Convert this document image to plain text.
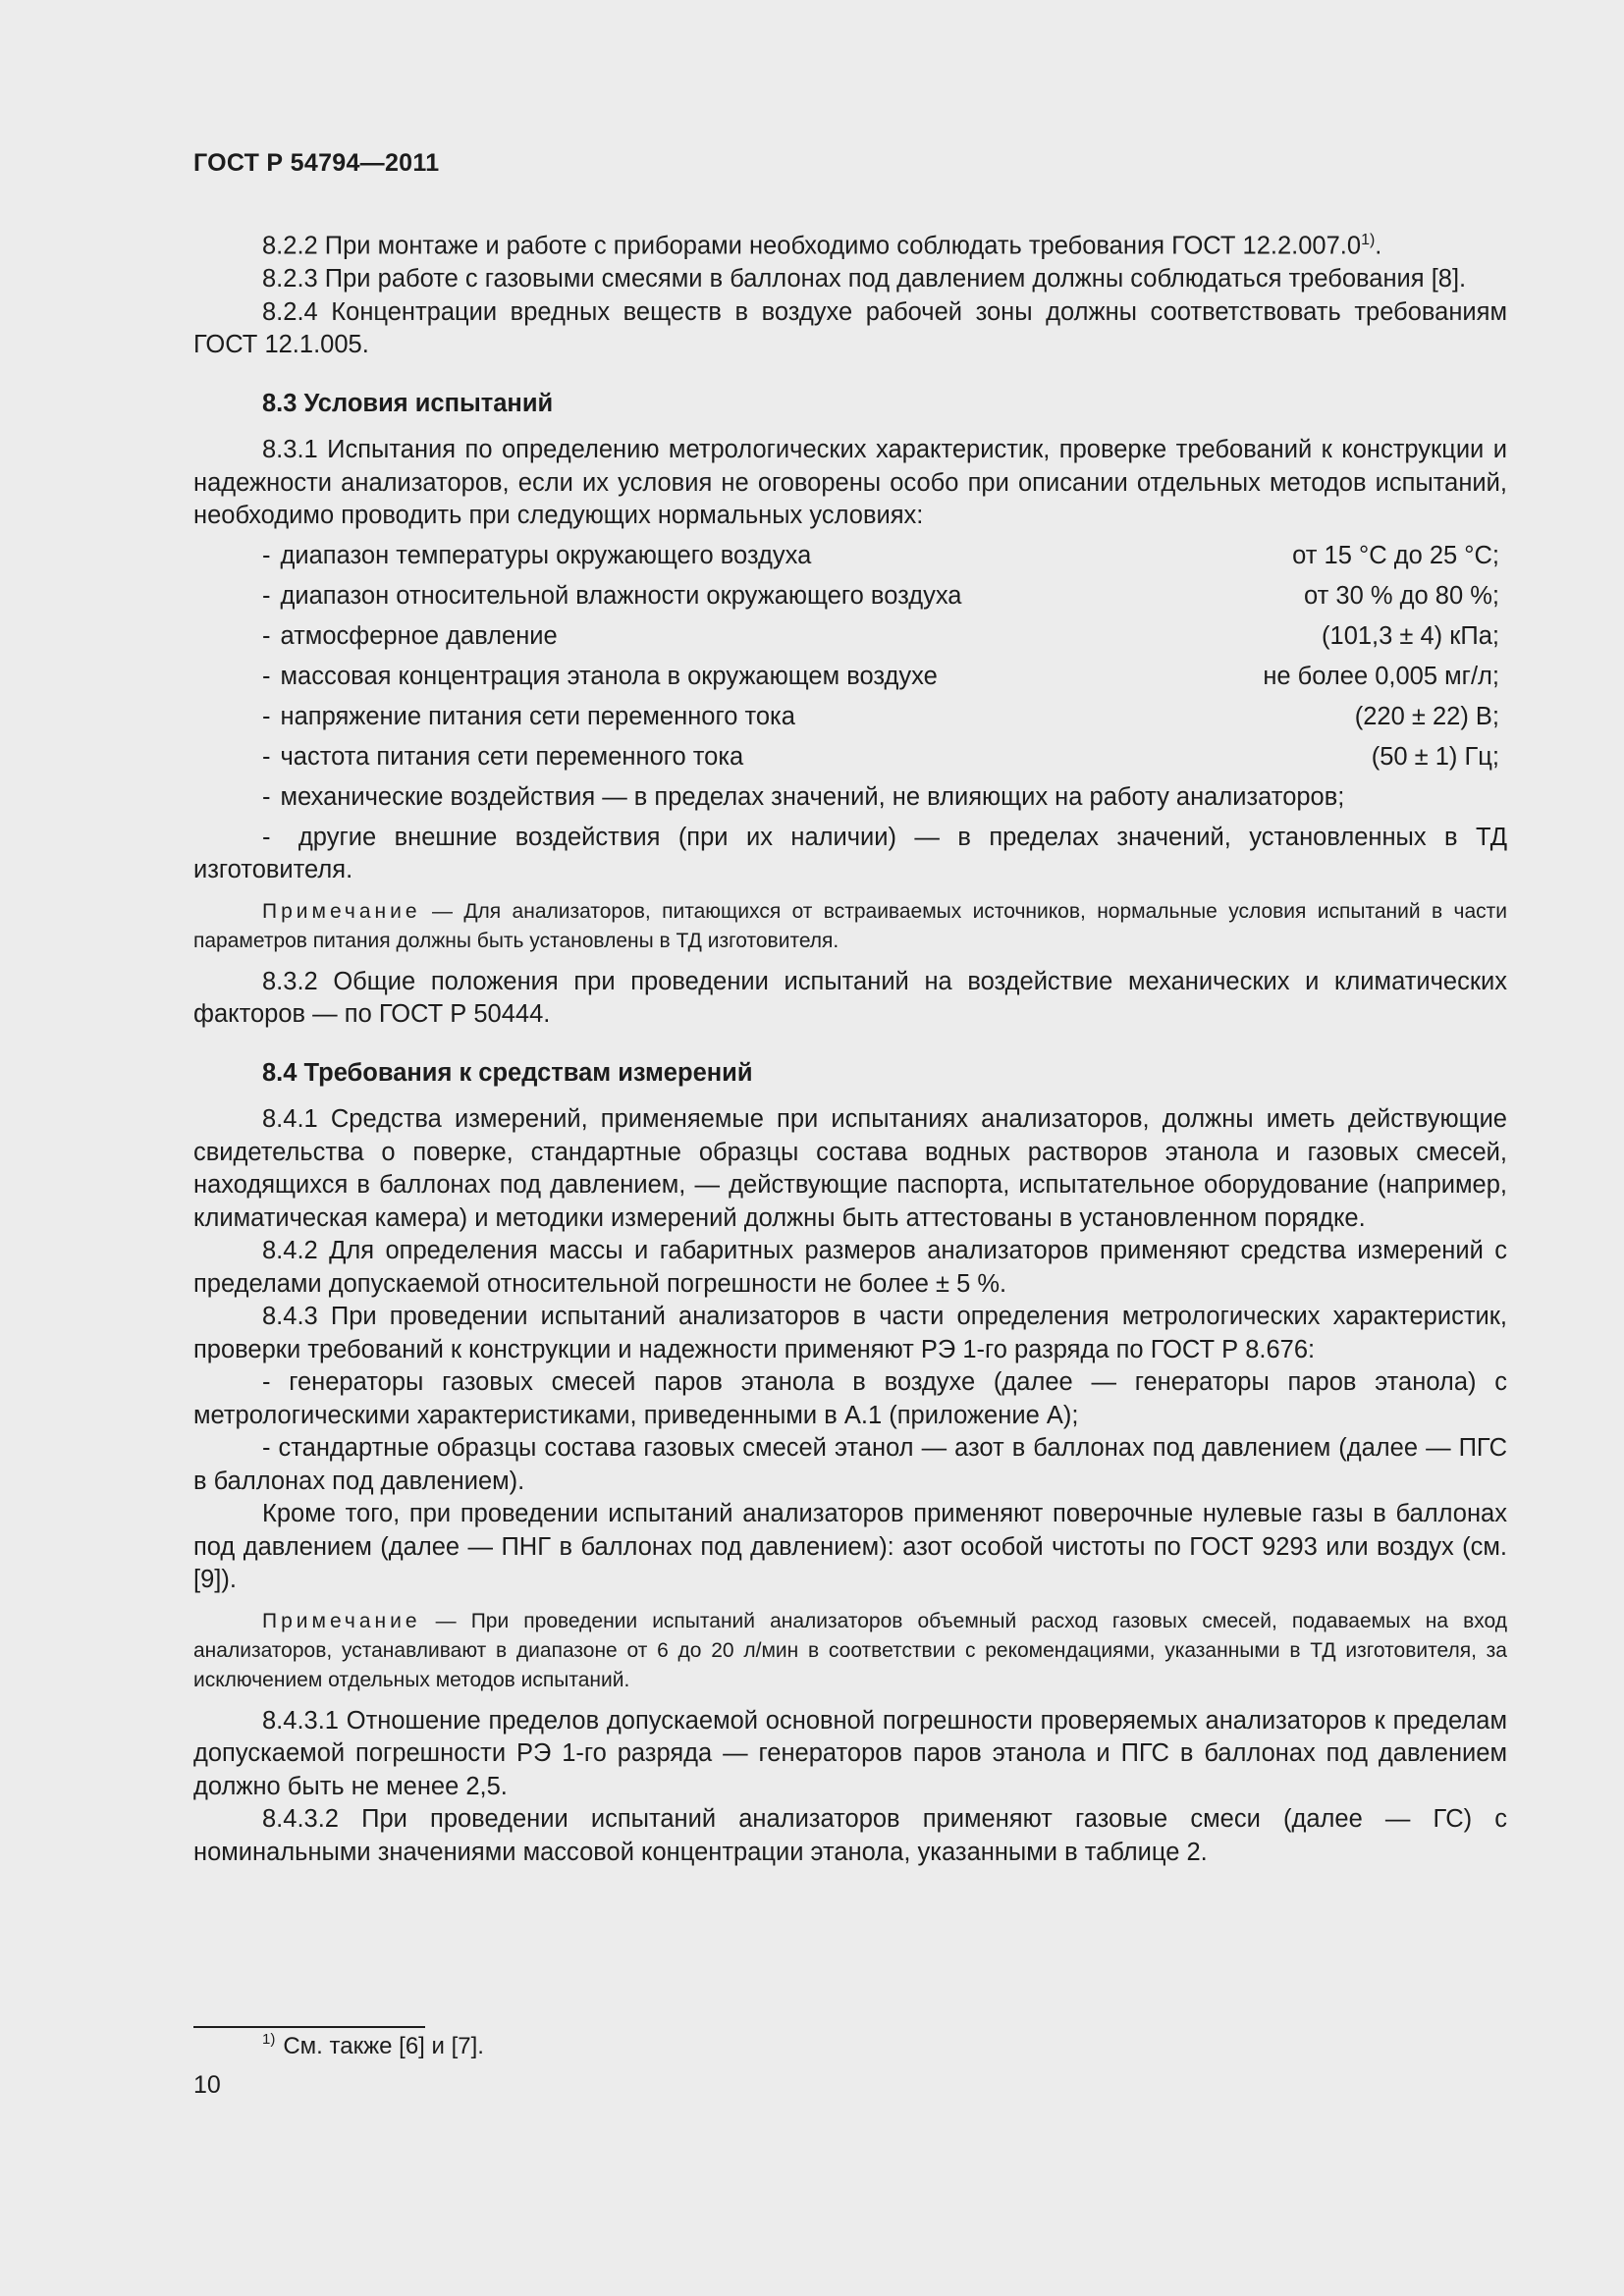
ГОСТ Р 54794—2011

8.2.2 При монтаже и работе с приборами необходимо соблюдать требования ГОСТ 12.2.007.0$^{1)}$.

8.2.3 При работе с газовыми смесями в баллонах под давлением должны соблюдаться требования [8].

8.2.4 Концентрации вредных веществ в воздухе рабочей зоны должны соответствовать требованиям ГОСТ 12.1.005.

8.3 Условия испытаний

8.3.1 Испытания по определению метрологических характеристик, проверке требований к конструкции и надежности анализаторов, если их условия не оговорены особо при описании отдельных методов испытаний, необходимо проводить при следующих нормальных условиях:

- диапазон температуры окружающего воздуха	от 15 °С до 25 °С;
- диапазон относительной влажности окружающего воздуха	от 30 % до 80 %;
- атмосферное давление	(101,3 ± 4) кПа;
- массовая концентрация этанола в окружающем воздухе	не более 0,005 мг/л;
- напряжение питания сети переменного тока	(220 ± 22) В;
- частота питания сети переменного тока	(50 ± 1) Гц;
- механические воздействия — в пределах значений, не влияющих на работу анализаторов;
- другие внешние воздействия (при их наличии) — в пределах значений, установленных в ТД изготовителя.

Примечание — Для анализаторов, питающихся от встраиваемых источников, нормальные условия испытаний в части параметров питания должны быть установлены в ТД изготовителя.

8.3.2 Общие положения при проведении испытаний на воздействие механических и климатических факторов — по ГОСТ Р 50444.

8.4 Требования к средствам измерений

8.4.1 Средства измерений, применяемые при испытаниях анализаторов, должны иметь действующие свидетельства о поверке, стандартные образцы состава водных растворов этанола и газовых смесей, находящихся в баллонах под давлением, — действующие паспорта, испытательное оборудование (например, климатическая камера) и методики измерений должны быть аттестованы в установленном порядке.

8.4.2 Для определения массы и габаритных размеров анализаторов применяют средства измерений с пределами допускаемой относительной погрешности не более ± 5 %.

8.4.3 При проведении испытаний анализаторов в части определения метрологических характеристик, проверки требований к конструкции и надежности применяют РЭ 1-го разряда по ГОСТ Р 8.676:

- генераторы газовых смесей паров этанола в воздухе (далее — генераторы паров этанола) с метрологическими характеристиками, приведенными в А.1 (приложение А);

- стандартные образцы состава газовых смесей этанол — азот в баллонах под давлением (далее — ПГС в баллонах под давлением).

Кроме того, при проведении испытаний анализаторов применяют поверочные нулевые газы в баллонах под давлением (далее — ПНГ в баллонах под давлением): азот особой чистоты по ГОСТ 9293 или воздух (см.[9]).

Примечание — При проведении испытаний анализаторов объемный расход газовых смесей, подаваемых на вход анализаторов, устанавливают в диапазоне от 6 до 20 л/мин в соответствии с рекомендациями, указанными в ТД изготовителя, за исключением отдельных методов испытаний.

8.4.3.1 Отношение пределов допускаемой основной погрешности проверяемых анализаторов к пределам допускаемой погрешности РЭ 1-го разряда — генераторов паров этанола и ПГС в баллонах под давлением должно быть не менее 2,5.

8.4.3.2 При проведении испытаний анализаторов применяют газовые смеси (далее — ГС) с номинальными значениями массовой концентрации этанола, указанными в таблице 2.

$^{1)}$ См. также [6] и [7].
10
